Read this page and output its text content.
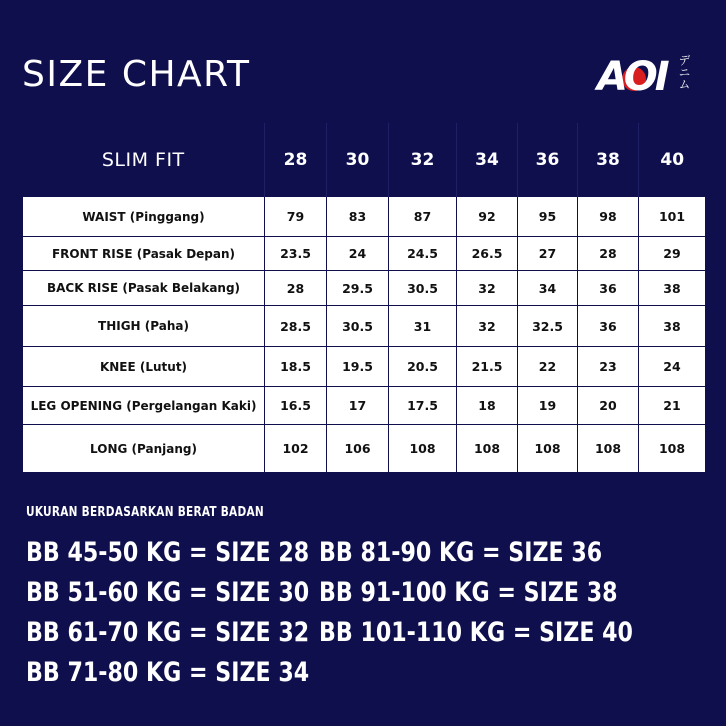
SIZE CHART	AOI デニム
SLIM FIT	28	30	32	34	36	38	40
WAIST (Pinggang)	79	83	87	92	95	98	101
FRONT RISE (Pasak Depan)	23.5	24	24.5	26.5	27	28	29
BACK RISE (Pasak Belakang)	28	29.5	30.5	32	34	36	38
THIGH (Paha)	28.5	30.5	31	32	32.5	36	38
KNEE (Lutut)	18.5	19.5	20.5	21.5	22	23	24
LEG OPENING (Pergelangan Kaki)	16.5	17	17.5	18	19	20	21
LONG (Panjang)	102	106	108	108	108	108	108
UKURAN BERDASARKAN BERAT BADAN
BB 45-50 KG = SIZE 28
BB 51-60 KG = SIZE 30
BB 61-70 KG = SIZE 32
BB 71-80 KG = SIZE 34
BB 81-90 KG = SIZE 36
BB 91-100 KG = SIZE 38
BB 101-110 KG = SIZE 40
